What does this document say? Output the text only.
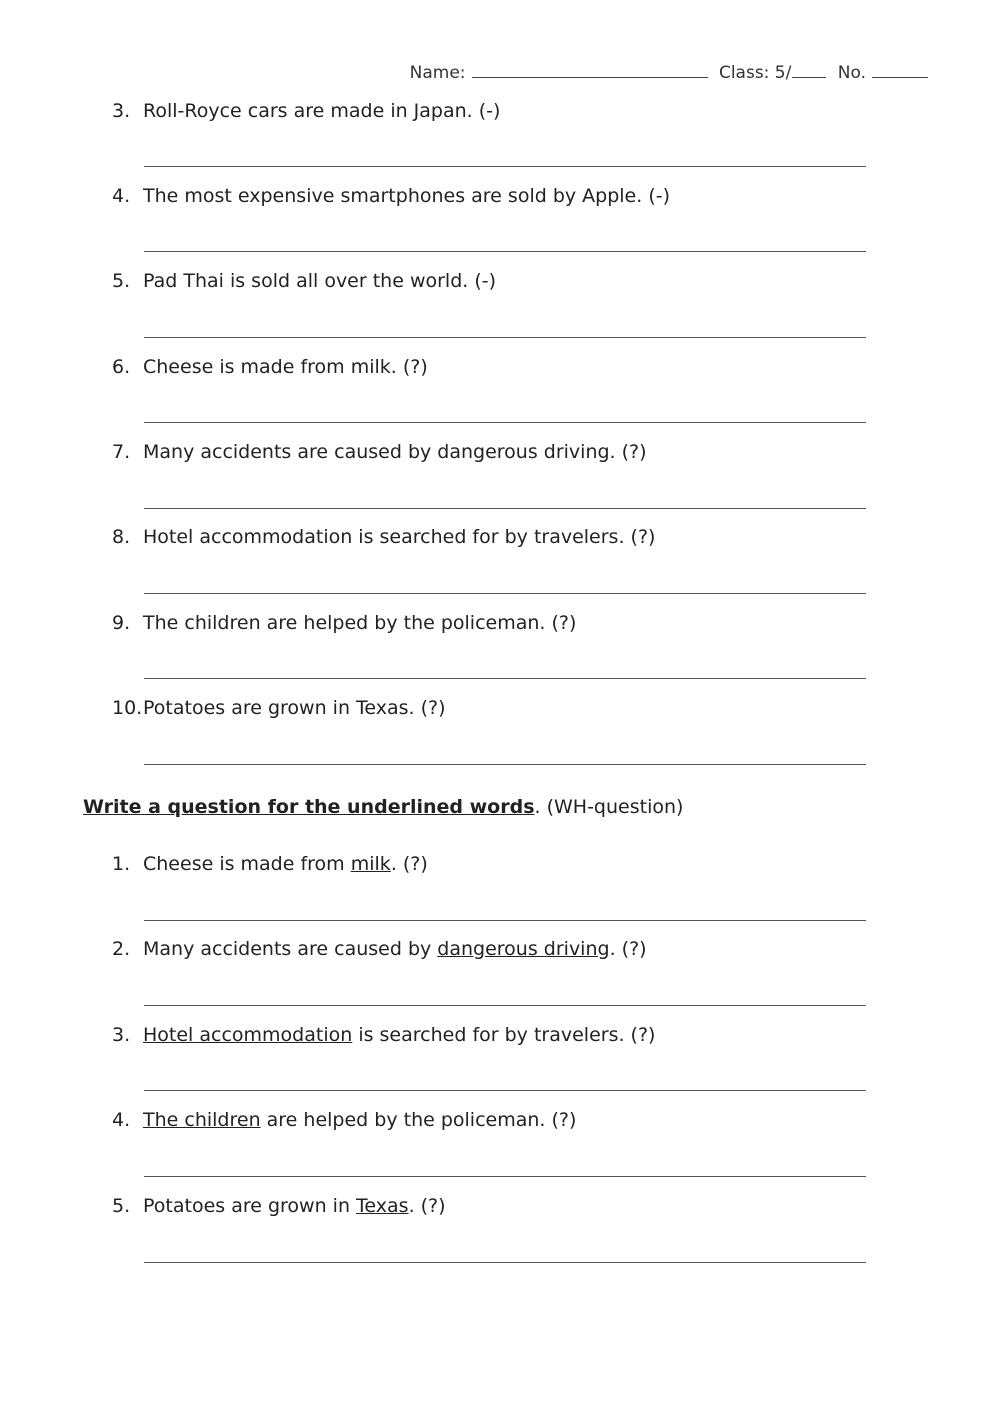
Name:	Class: 5/	No.
3. Roll-Royce cars are made in Japan. (-)
4. The most expensive smartphones are sold by Apple. (-)
5. Pad Thai is sold all over the world. (-)
6. Cheese is made from milk. (?)
7. Many accidents are caused by dangerous driving. (?)
8. Hotel accommodation is searched for by travelers. (?)
9. The children are helped by the policeman. (?)
10.Potatoes are grown in Texas. (?)
Write a question for the underlined words. (WH-question)
1. Cheese is made from milk. (?)
2. Many accidents are caused by dangerous driving. (?)
3. Hotel accommodation is searched for by travelers. (?)
4. The children are helped by the policeman. (?)
5. Potatoes are grown in Texas. (?)
